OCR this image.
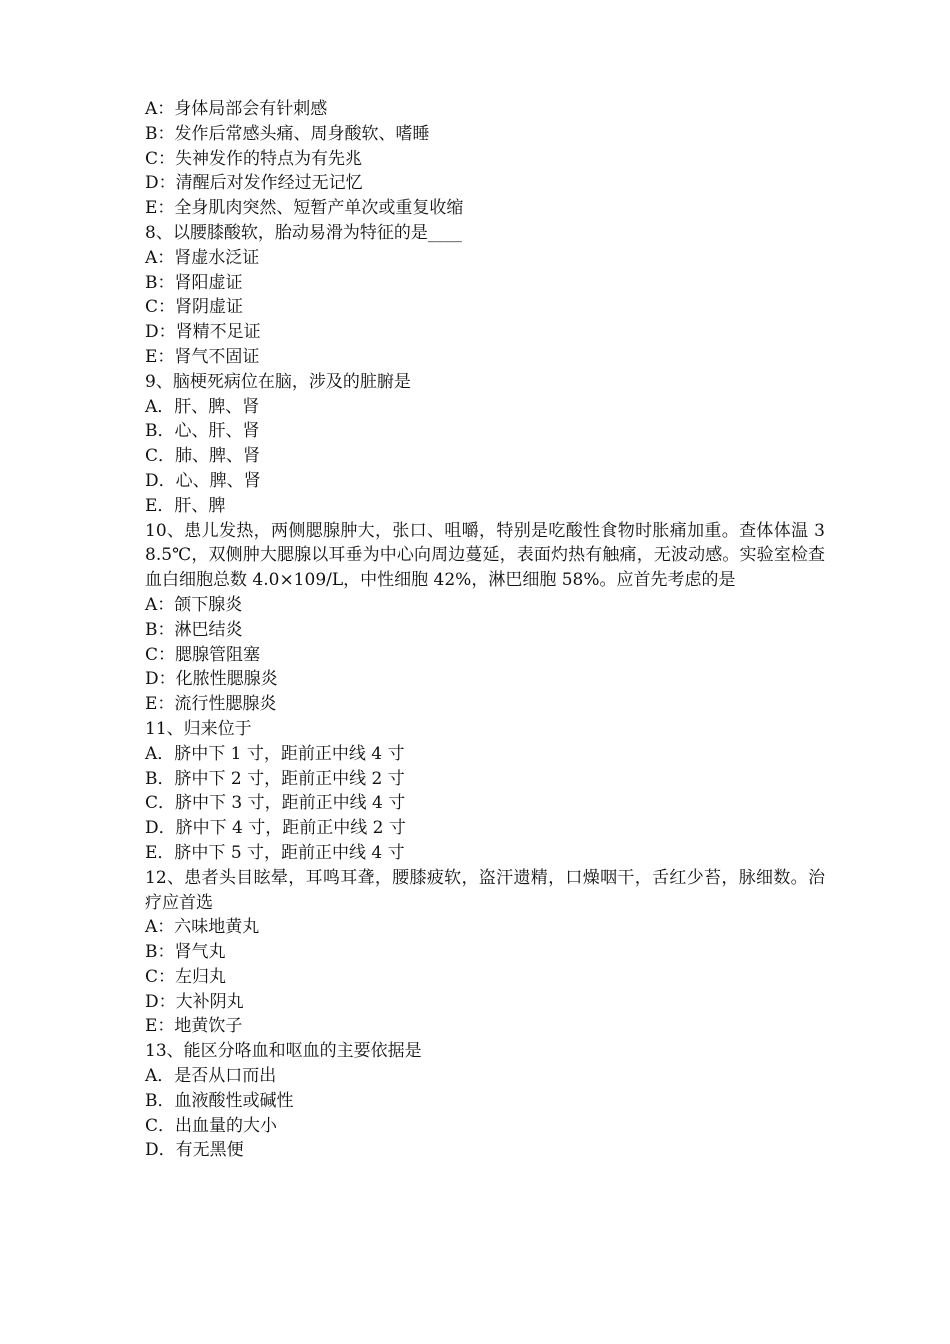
A：身体局部会有针刺感
B：发作后常感头痛、周身酸软、嗜睡
C：失神发作的特点为有先兆
D：清醒后对发作经过无记忆
E：全身肌肉突然、短暂产单次或重复收缩
8、以腰膝酸软，胎动易滑为特征的是____
A：肾虚水泛证
B：肾阳虚证
C：肾阴虚证
D：肾精不足证
E：肾气不固证
9、脑梗死病位在脑，涉及的脏腑是
A．肝、脾、肾
B．心、肝、肾
C．肺、脾、肾
D．心、脾、肾
E．肝、脾
10、患儿发热，两侧腮腺肿大，张口、咀嚼，特别是吃酸性食物时胀痛加重。查体体温 38.5℃，双侧肿大腮腺以耳垂为中心向周边蔓延，表面灼热有触痛，无波动感。实验室检查血白细胞总数 4.0×109/L，中性细胞 42%，淋巴细胞 58%。应首先考虑的是
A：颌下腺炎
B：淋巴结炎
C：腮腺管阻塞
D：化脓性腮腺炎
E：流行性腮腺炎
11、归来位于
A．脐中下 1 寸，距前正中线 4 寸
B．脐中下 2 寸，距前正中线 2 寸
C．脐中下 3 寸，距前正中线 4 寸
D．脐中下 4 寸，距前正中线 2 寸
E．脐中下 5 寸，距前正中线 4 寸
12、患者头目眩晕，耳鸣耳聋，腰膝疲软，盗汗遗精，口燥咽干，舌红少苔，脉细数。治疗应首选
A：六味地黄丸
B：肾气丸
C：左归丸
D：大补阴丸
E：地黄饮子
13、能区分咯血和呕血的主要依据是
A．是否从口而出
B．血液酸性或碱性
C．出血量的大小
D．有无黑便
